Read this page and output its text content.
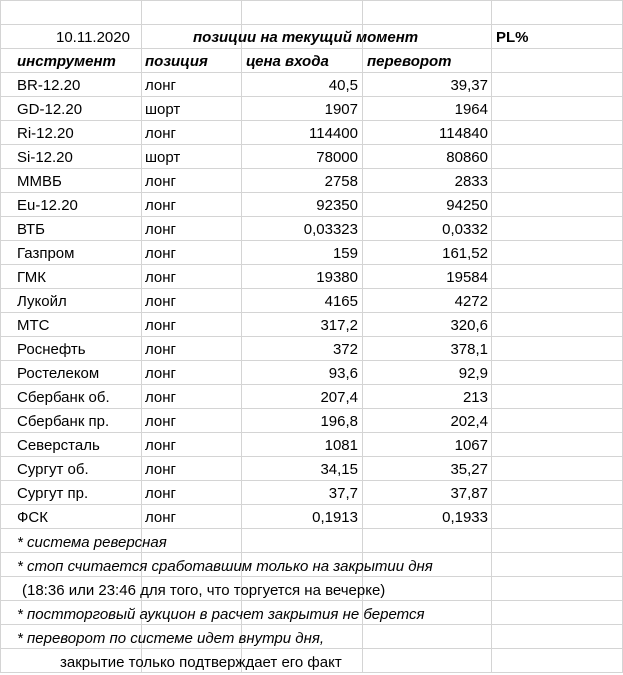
10.11.2020	позиции на текущий момент	PL%
инструмент позиция	цена входа	переворот
BR-12.20	лонг	40,5	39,37
GD-12.20	шорт	1907	1964
Ri-12.20	лонг	114400	114840
Si-12.20	шорт	78000	80860
ММВБ	лонг	2758	2833
Eu-12.20	лонг	92350	94250
ВТБ	лонг	0,03323	0,0332
Газпром	лонг	159	161,52
ГМК	лонг	19380	19584
Лукойл	лонг	4165	4272
МТС	лонг	317,2	320,6
Роснефть	лонг	372	378,1
Ростелеком	лонг	93,6	92,9
Сбербанк об. лонг	207,4	213
Сбербанк пр. лонг	196,8	202,4
Северсталь	лонг	1081	1067
Сургут об.	лонг	34,15	35,27
Сургут пр.	лонг	37,7	37,87
ФСК	лонг	0,1913	0,1933
* система реверсная
* стоп считается сработавшим только на закрытии дня
(18:36 или 23:46 для того, что торгуется на вечерке)
* постторговый аукцион в расчет закрытия не берется
* переворот по системе идет внутри дня,
закрытие только подтверждает его факт
